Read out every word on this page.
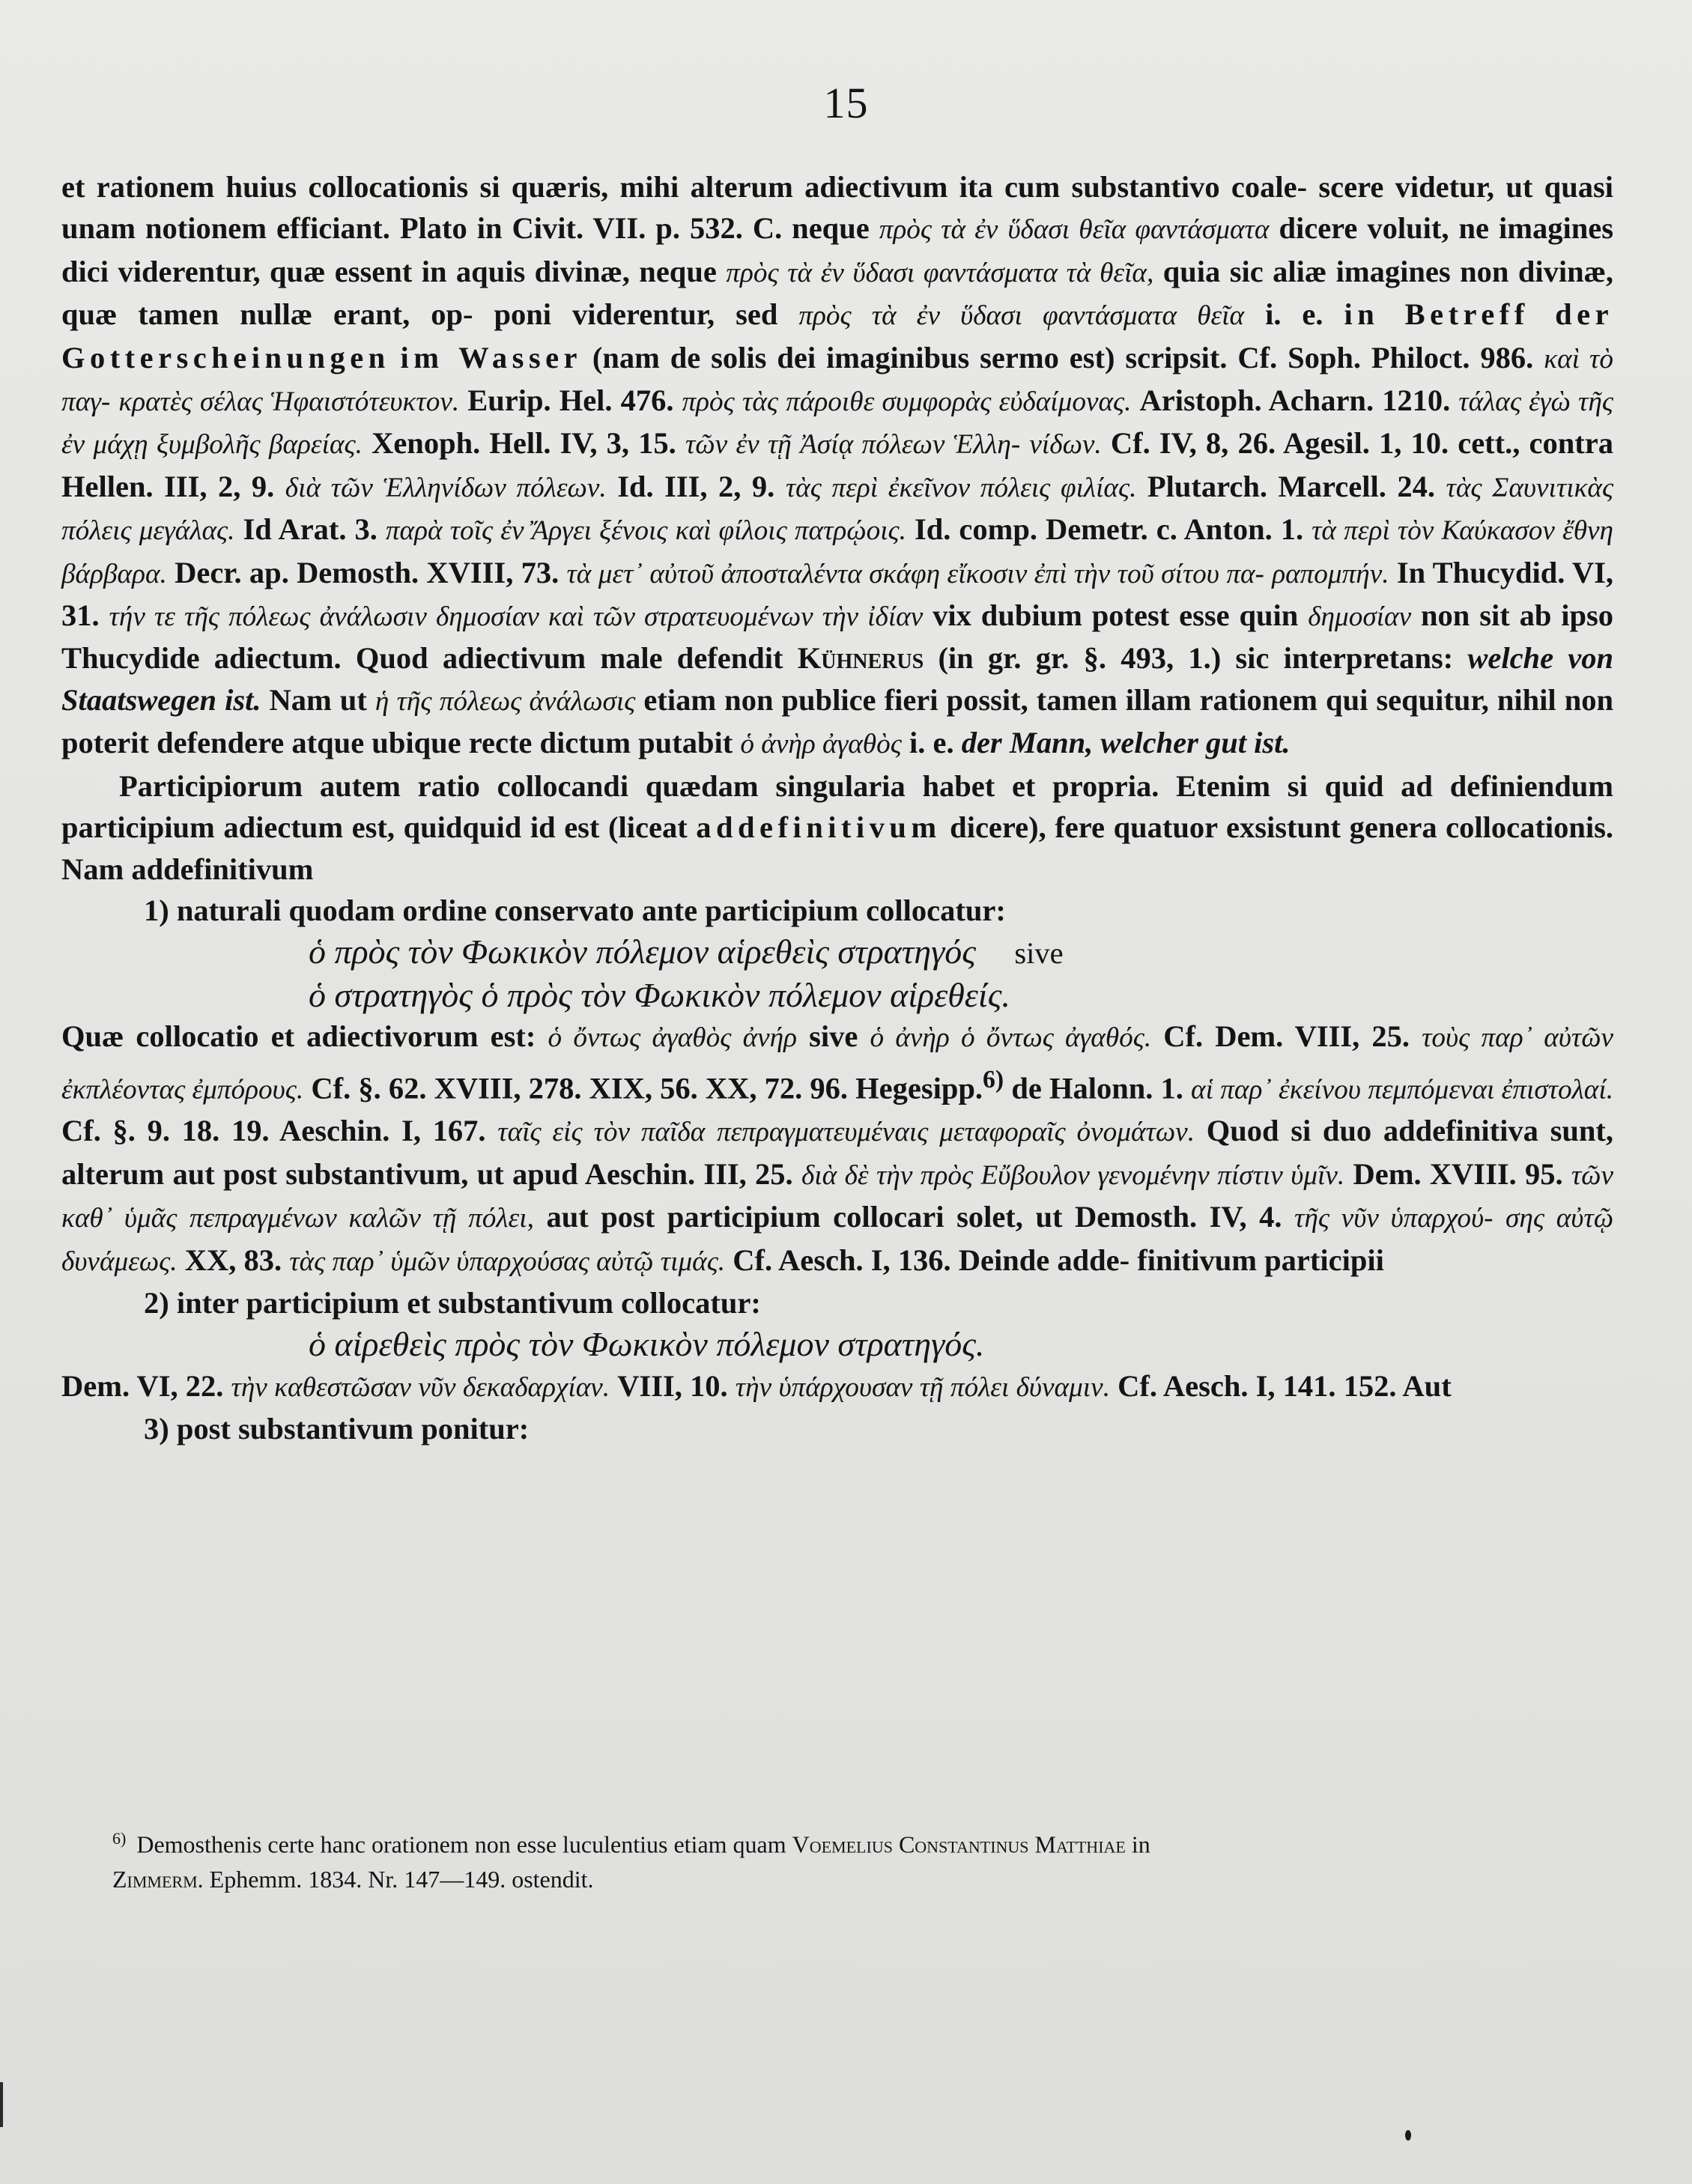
15

et rationem huius collocationis si quæris, mihi alterum adiectivum ita cum substantivo coale- scere videtur, ut quasi unam notionem efficiant. Plato in Civit. VII. p. 532. C. neque πρὸς τὰ ἐν ὕδασι θεῖα φαντάσματα dicere voluit, ne imagines dici viderentur, quæ essent in aquis divinæ, neque πρὸς τὰ ἐν ὕδασι φαντάσματα τὰ θεῖα, quia sic aliæ imagines non divinæ, quæ tamen nullæ erant, op- poni viderentur, sed πρὸς τὰ ἐν ὕδασι φαντάσματα θεῖα i. e. in Betreff der Gotterscheinungen im Wasser (nam de solis dei imaginibus sermo est) scripsit. Cf. Soph. Philoct. 986. καὶ τὸ παγ- κρατὲς σέλας Ἡφαιστότευκτον. Eurip. Hel. 476. πρὸς τὰς πάροιθε συμφορὰς εὐδαίμονας. Aristoph. Acharn. 1210. τάλας ἐγὼ τῆς ἐν μάχῃ ξυμβολῆς βαρείας. Xenoph. Hell. IV, 3, 15. τῶν ἐν τῇ Ἀσίᾳ πόλεων Ἑλλη- νίδων. Cf. IV, 8, 26. Agesil. 1, 10. cett., contra Hellen. III, 2, 9. διὰ τῶν Ἑλληνίδων πόλεων. Id. III, 2, 9. τὰς περὶ ἐκεῖνον πόλεις φιλίας. Plutarch. Marcell. 24. τὰς Σαυνιτικὰς πόλεις μεγάλας. Id Arat. 3. παρὰ τοῖς ἐν Ἄργει ξένοις καὶ φίλοις πατρῴοις. Id. comp. Demetr. c. Anton. 1. τὰ περὶ τὸν Καύκασον ἔθνη βάρβαρα. Decr. ap. Demosth. XVIII, 73. τὰ μετ᾽ αὐτοῦ ἀποσταλέντα σκάφη εἴκοσιν ἐπὶ τὴν τοῦ σίτου πα- ραπομπήν. In Thucydid. VI, 31. τήν τε τῆς πόλεως ἀνάλωσιν δημοσίαν καὶ τῶν στρατευομένων τὴν ἰδίαν vix dubium potest esse quin δημοσίαν non sit ab ipso Thucydide adiectum. Quod adiectivum male defendit Kühnerus (in gr. gr. §. 493, 1.) sic interpretans: welche von Staatswegen ist. Nam ut ἡ τῆς πόλεως ἀνάλωσις etiam non publice fieri possit, tamen illam rationem qui sequitur, nihil non poterit defendere atque ubique recte dictum putabit ὁ ἀνὴρ ἀγαθὸς i. e. der Mann, welcher gut ist.

Participiorum autem ratio collocandi quædam singularia habet et propria. Etenim si quid ad definiendum participium adiectum est, quidquid id est (liceat addefinitivum dicere), fere quatuor exsistunt genera collocationis. Nam addefinitivum

1) naturali quodam ordine conservato ante participium collocatur:
ὁ πρὸς τὸν Φωκικὸν πόλεμον αἱρεθεὶς στρατηγός sive
ὁ στρατηγὸς ὁ πρὸς τὸν Φωκικὸν πόλεμον αἱρεθείς.

Quæ collocatio et adiectivorum est: ὁ ὄντως ἀγαθὸς ἀνήρ sive ὁ ἀνὴρ ὁ ὄντως ἀγαθός. Cf. Dem. VIII, 25. τοὺς παρ᾽ αὐτῶν ἐκπλέοντας ἐμπόρους. Cf. §. 62. XVIII, 278. XIX, 56. XX, 72. 96. Hegesipp.$^{6)}$ de Halonn. 1. αἱ παρ᾽ ἐκείνου πεμπόμεναι ἐπιστολαί. Cf. §. 9. 18. 19. Aeschin. I, 167. ταῖς εἰς τὸν παῖδα πεπραγματευμέναις μεταφοραῖς ὀνομάτων. Quod si duo addefinitiva sunt, alterum aut post substantivum, ut apud Aeschin. III, 25. διὰ δὲ τὴν πρὸς Εὔβουλον γενομένην πίστιν ὑμῖν. Dem. XVIII. 95. τῶν καθ᾽ ὑμᾶς πεπραγμένων καλῶν τῇ πόλει, aut post participium collocari solet, ut Demosth. IV, 4. τῆς νῦν ὑπαρχού- σης αὐτῷ δυνάμεως. XX, 83. τὰς παρ᾽ ὑμῶν ὑπαρχούσας αὐτῷ τιμάς. Cf. Aesch. I, 136. Deinde adde- finitivum participii

2) inter participium et substantivum collocatur:
ὁ αἱρεθεὶς πρὸς τὸν Φωκικὸν πόλεμον στρατηγός.

Dem. VI, 22. τὴν καθεστῶσαν νῦν δεκαδαρχίαν. VIII, 10. τὴν ὑπάρχουσαν τῇ πόλει δύναμιν. Cf. Aesch. I, 141. 152. Aut

3) post substantivum ponitur:
$^{6)}$ Demosthenis certe hanc orationem non esse luculentius etiam quam Voemelius Constantinus Matthiae in
Zimmerm. Ephemm. 1834. Nr. 147—149. ostendit.
